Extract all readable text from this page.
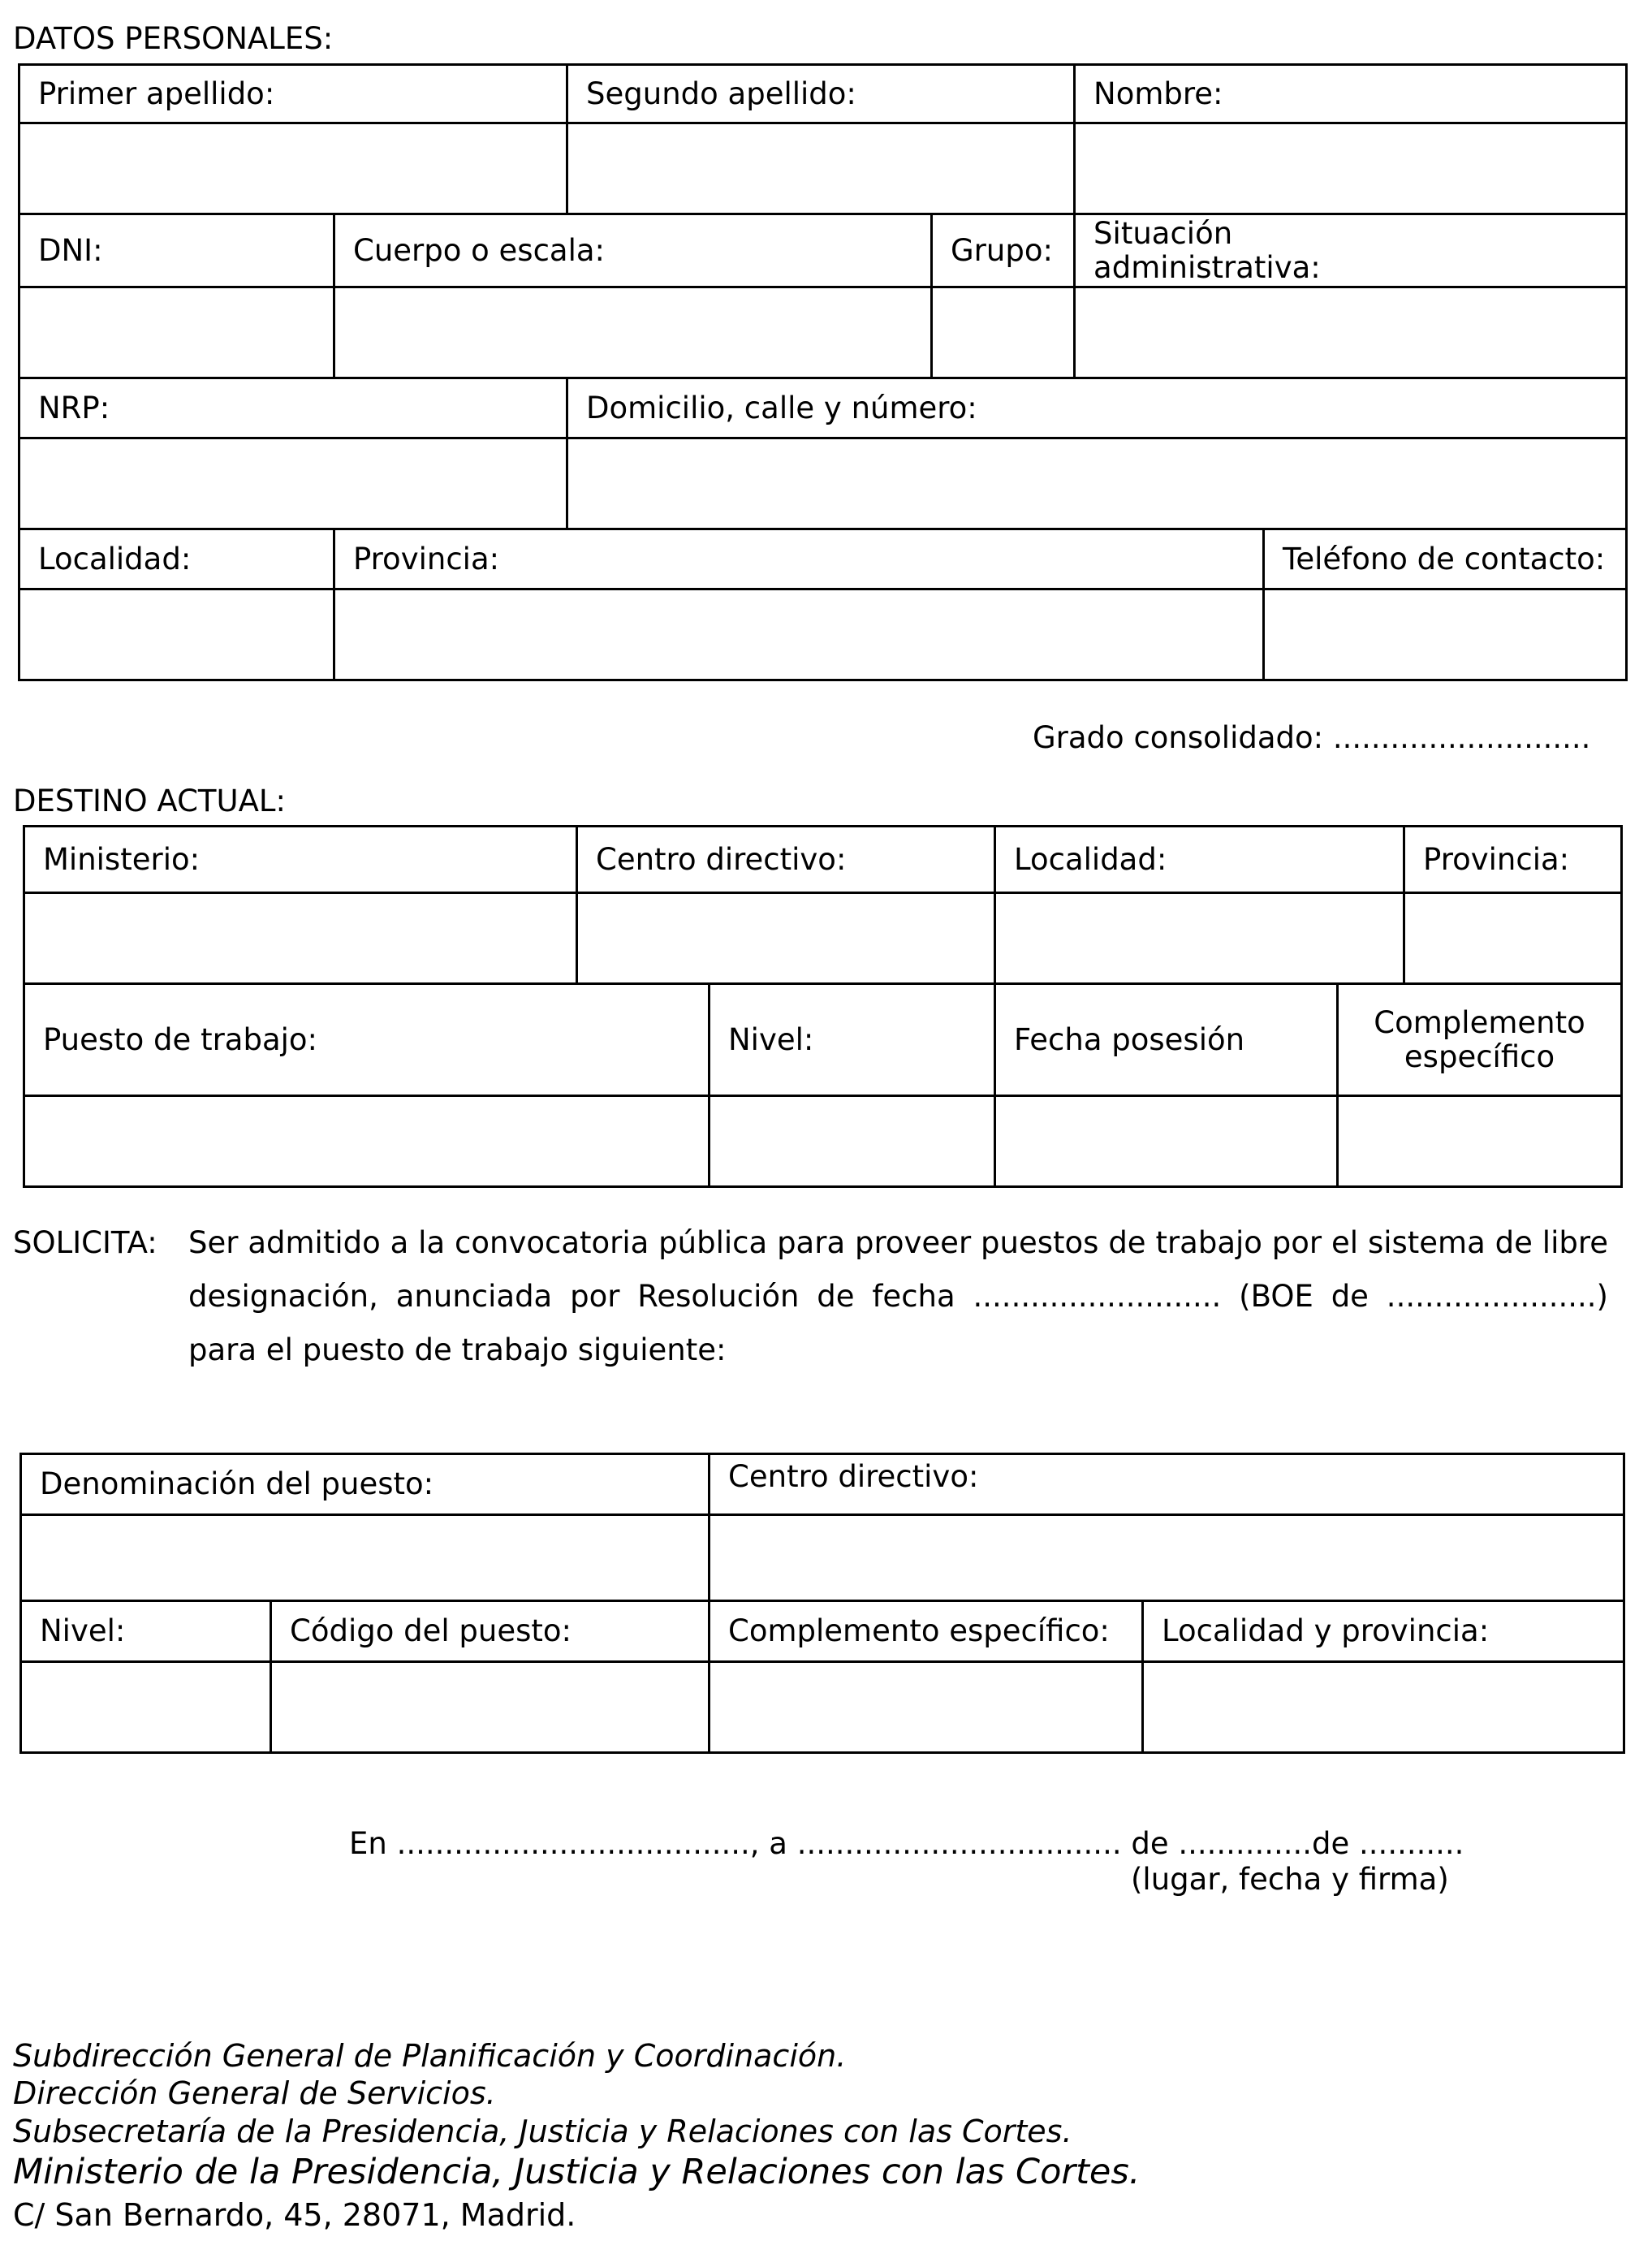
DATOS PERSONALES:
Primer apellido:		Segundo apellido:		Nombre:	

DNI:	Cuerpo o escala:		Grupo:	Situación
administrativa:	

NRP:		Domicilio, calle y número:			

Localidad:	Provincia:				Teléfono de contacto:

Grado consolidado: ...........................
DESTINO ACTUAL:
Ministerio:	Centro directivo:		Localidad:		Provincia:

Puesto de trabajo:		Nivel:	Fecha posesión	Complemento
específico	

SOLICITA: Ser admitido a la convocatoria pública para proveer puestos de trabajo por el sistema de libre
designación, anunciada por Resolución de fecha .......................... (BOE de ......................)
para el puesto de trabajo siguiente:
Denominación del puesto:		Centro directivo:	

Nivel:	Código del puesto:	Complemento específico:	Localidad y provincia:

En ....................................., a .................................. de ..............de ...........
(lugar, fecha y firma)
Subdirección General de Planificación y Coordinación.
Dirección General de Servicios.
Subsecretaría de la Presidencia, Justicia y Relaciones con las Cortes.
Ministerio de la Presidencia, Justicia y Relaciones con las Cortes.
C/ San Bernardo, 45, 28071, Madrid.
